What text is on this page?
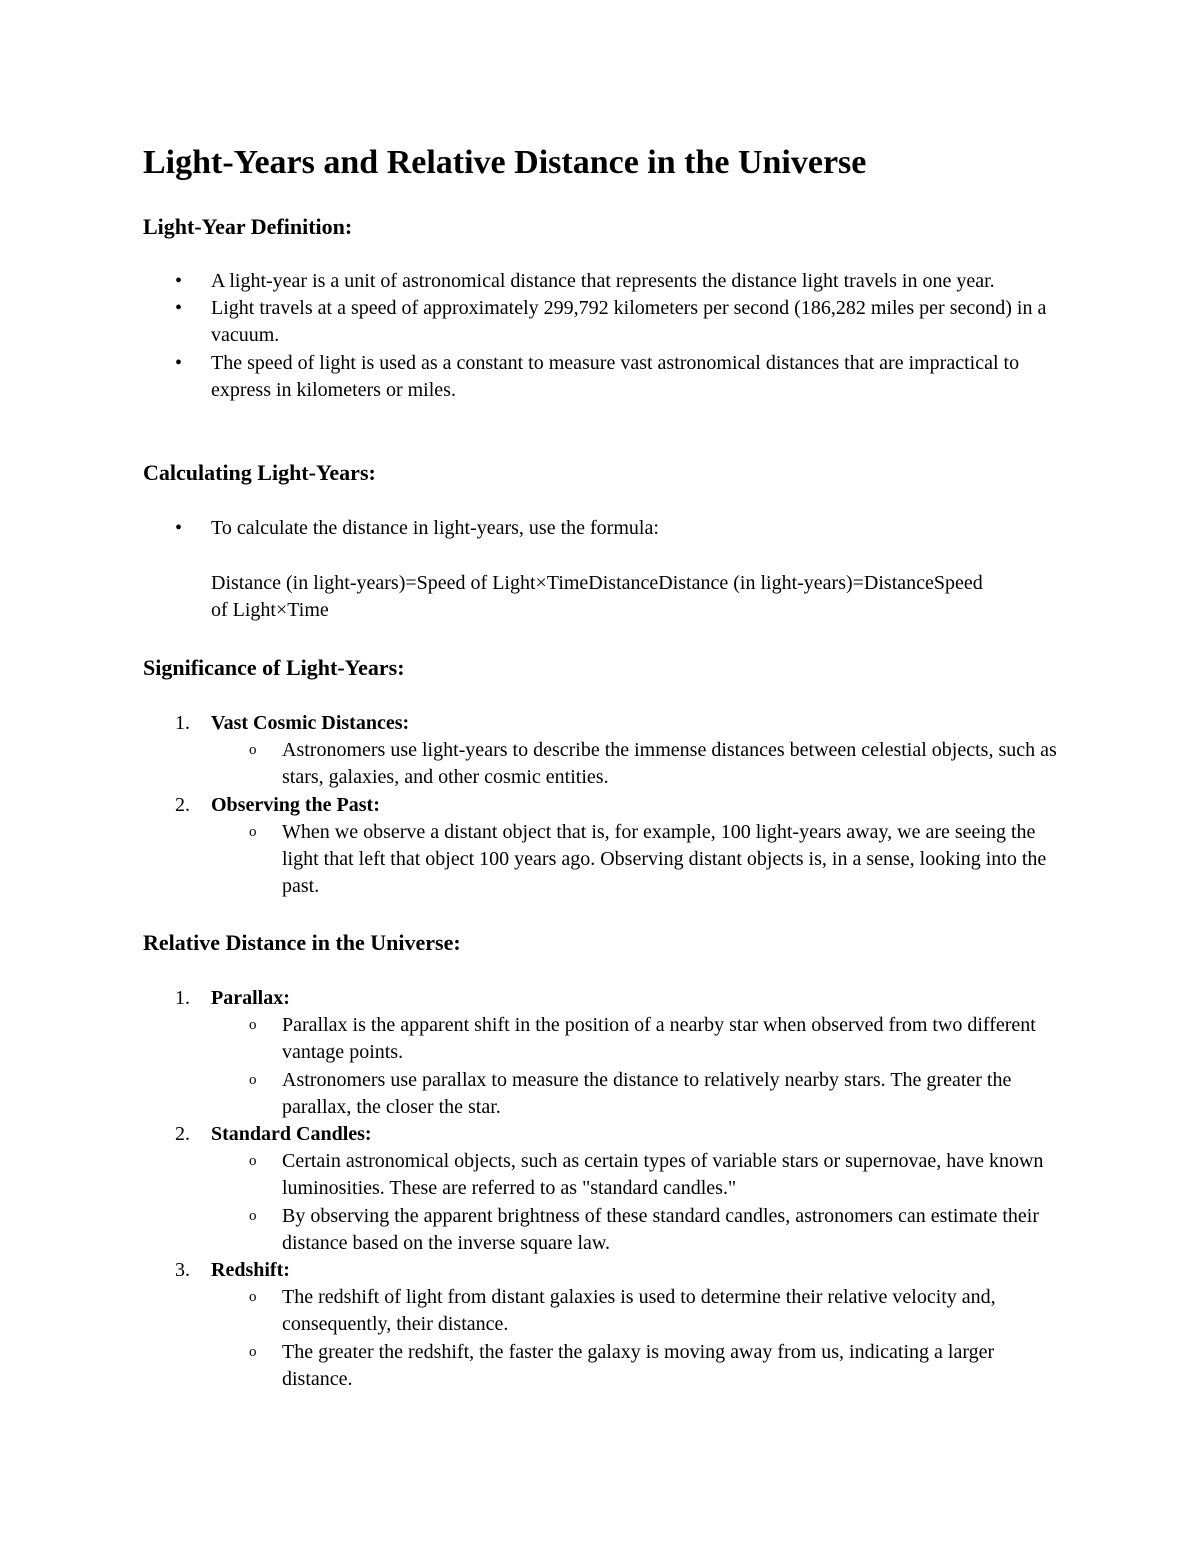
Light-Years and Relative Distance in the Universe
Light-Year Definition:
• A light-year is a unit of astronomical distance that represents the distance light travels in one year.
• Light travels at a speed of approximately 299,792 kilometers per second (186,282 miles per second) in a vacuum.
• The speed of light is used as a constant to measure vast astronomical distances that are impractical to express in kilometers or miles.
Calculating Light-Years:
• To calculate the distance in light-years, use the formula:
Distance (in light-years)=Speed of Light×TimeDistanceDistance (in light-years)=DistanceSpeed of Light×Time
Significance of Light-Years:
1. Vast Cosmic Distances:
o Astronomers use light-years to describe the immense distances between celestial objects, such as stars, galaxies, and other cosmic entities.
2. Observing the Past:
o When we observe a distant object that is, for example, 100 light-years away, we are seeing the light that left that object 100 years ago. Observing distant objects is, in a sense, looking into the past.
Relative Distance in the Universe:
1. Parallax:
o Parallax is the apparent shift in the position of a nearby star when observed from two different vantage points.
o Astronomers use parallax to measure the distance to relatively nearby stars. The greater the parallax, the closer the star.
2. Standard Candles:
o Certain astronomical objects, such as certain types of variable stars or supernovae, have known luminosities. These are referred to as "standard candles."
o By observing the apparent brightness of these standard candles, astronomers can estimate their distance based on the inverse square law.
3. Redshift:
o The redshift of light from distant galaxies is used to determine their relative velocity and, consequently, their distance.
o The greater the redshift, the faster the galaxy is moving away from us, indicating a larger distance.
